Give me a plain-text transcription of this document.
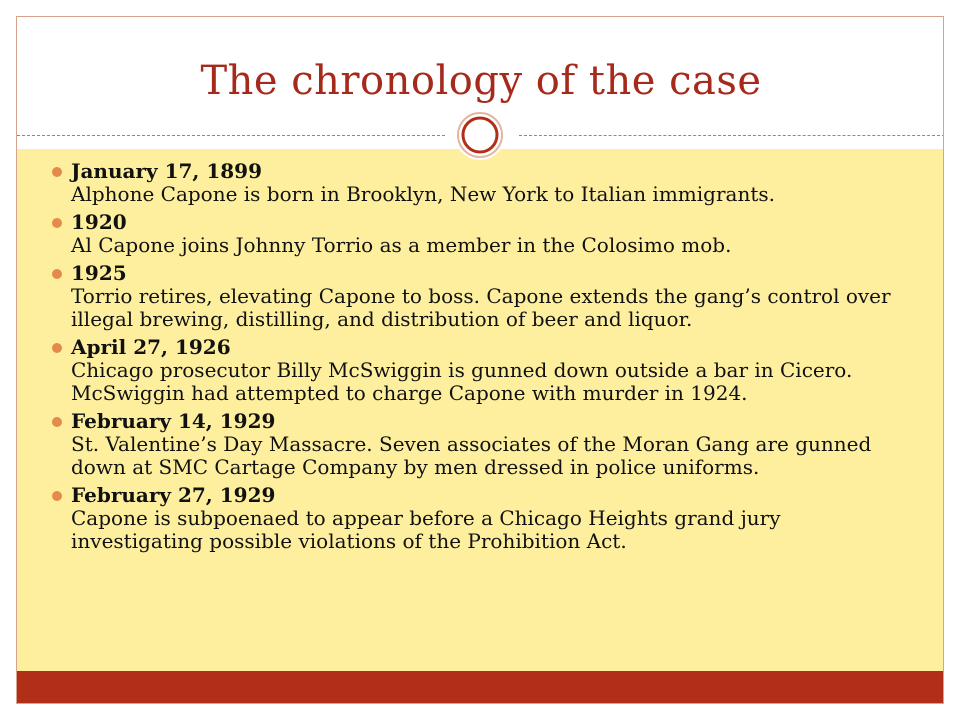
The chronology of the case
January 17, 1899
Alphone Capone is born in Brooklyn, New York to Italian immigrants.
1920
Al Capone joins Johnny Torrio as a member in the Colosimo mob.
1925
Torrio retires, elevating Capone to boss. Capone extends the gang’s control over illegal brewing, distilling, and distribution of beer and liquor.
April 27, 1926
Chicago prosecutor Billy McSwiggin is gunned down outside a bar in Cicero. McSwiggin had attempted to charge Capone with murder in 1924.
February 14, 1929
St. Valentine’s Day Massacre. Seven associates of the Moran Gang are gunned down at SMC Cartage Company by men dressed in police uniforms.
February 27, 1929
Capone is subpoenaed to appear before a Chicago Heights grand jury investigating possible violations of the Prohibition Act.
